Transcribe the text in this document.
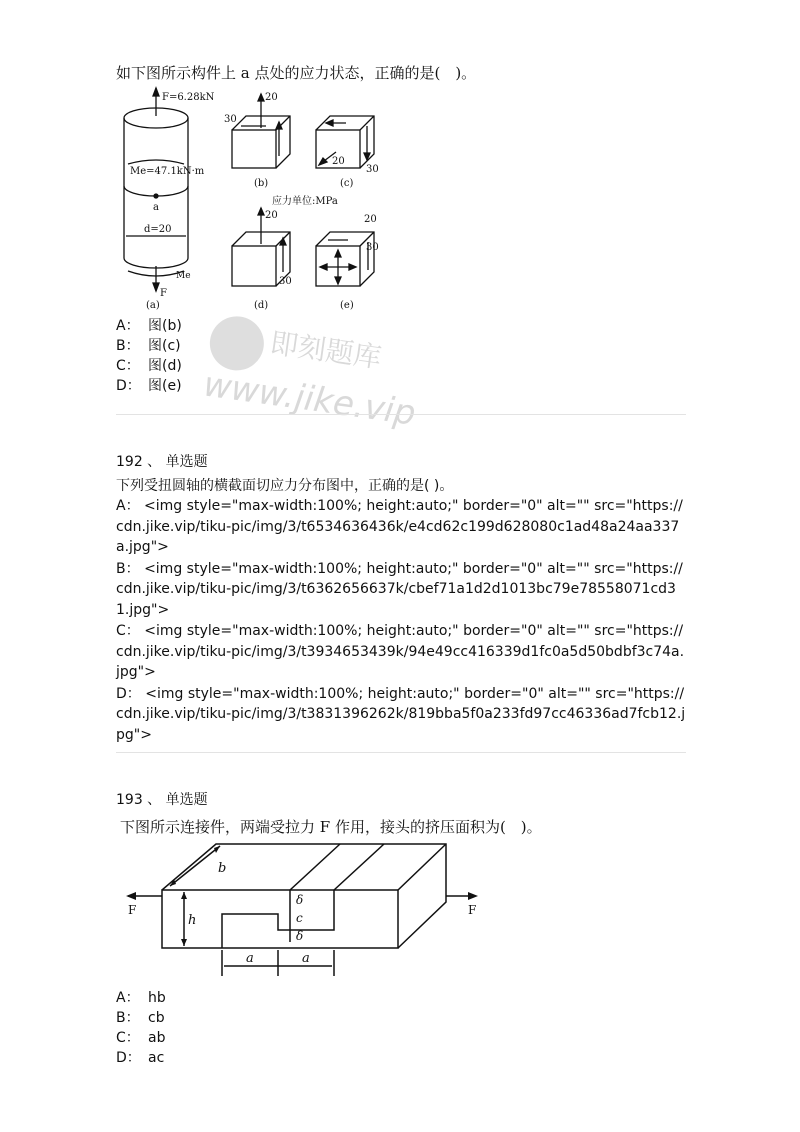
如下图所示构件上 a 点处的应力状态，正确的是(　)。
F=6.28kN
Me=47.1kN·m
a
d=20
Me
F
(a)
20
30
(b)
20
30
(c)
应力单位:MPa
20
30
(d)
20
30
(e)
A： 图(b)
B： 图(c)
C： 图(d)
D： 图(e)
即刻题库
www.jike.vip
192 、 单选题
下列受扭圆轴的横截面切应力分布图中，正确的是( )。
A： <img style="max-width:100%; height:auto;" border="0" alt="" src="https://cdn.jike.vip/tiku-pic/img/3/t6534636436k/e4cd62c199d628080c1ad48a24aa337a.jpg">
B： <img style="max-width:100%; height:auto;" border="0" alt="" src="https://cdn.jike.vip/tiku-pic/img/3/t6362656637k/cbef71a1d2d1013bc79e78558071cd31.jpg">
C： <img style="max-width:100%; height:auto;" border="0" alt="" src="https://cdn.jike.vip/tiku-pic/img/3/t3934653439k/94e49cc416339d1fc0a5d50bdbf3c74a.jpg">
D： <img style="max-width:100%; height:auto;" border="0" alt="" src="https://cdn.jike.vip/tiku-pic/img/3/t3831396262k/819bba5f0a233fd97cc46336ad7fcb12.jpg">
193 、 单选题
下图所示连接件，两端受拉力 F 作用，接头的挤压面积为(　)。
F	F
b
h
δ
c
δ
a	a
A： hb
B： cb
C： ab
D： ac
